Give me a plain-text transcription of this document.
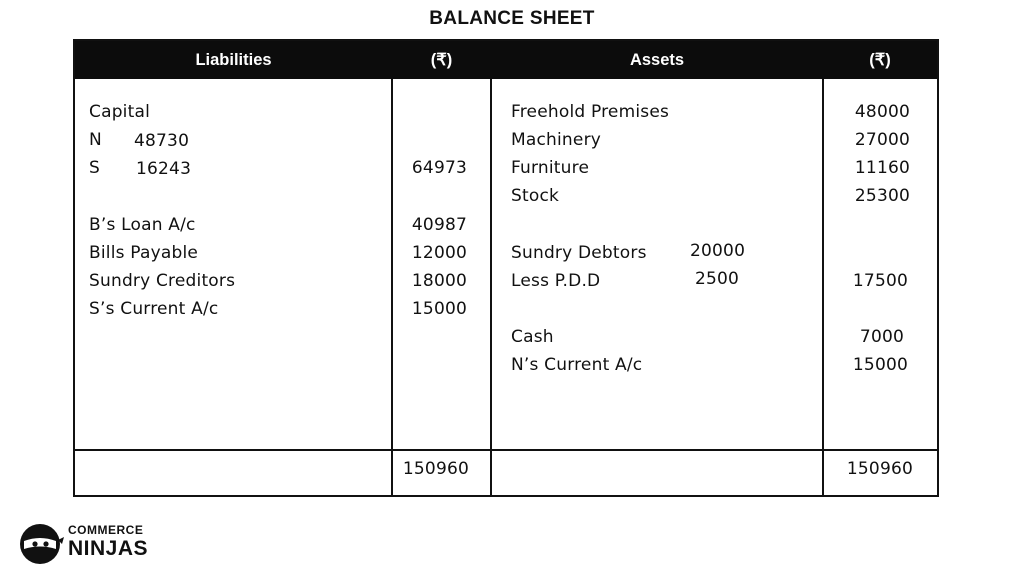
BALANCE SHEET
Liabilities	(₹)	Assets	(₹)
Capital
N 48730
S 16243	64973
B’s Loan A/c	40987
Bills Payable	12000
Sundry Creditors	18000
S’s Current A/c	15000
150960
Freehold Premises	48000
Machinery	27000
Furniture	11160
Stock	25300
Sundry Debtors	20000
Less P.D.D	2500	17500
Cash	7000
N’s Current A/c	15000
150960
COMMERCE
NINJAS
